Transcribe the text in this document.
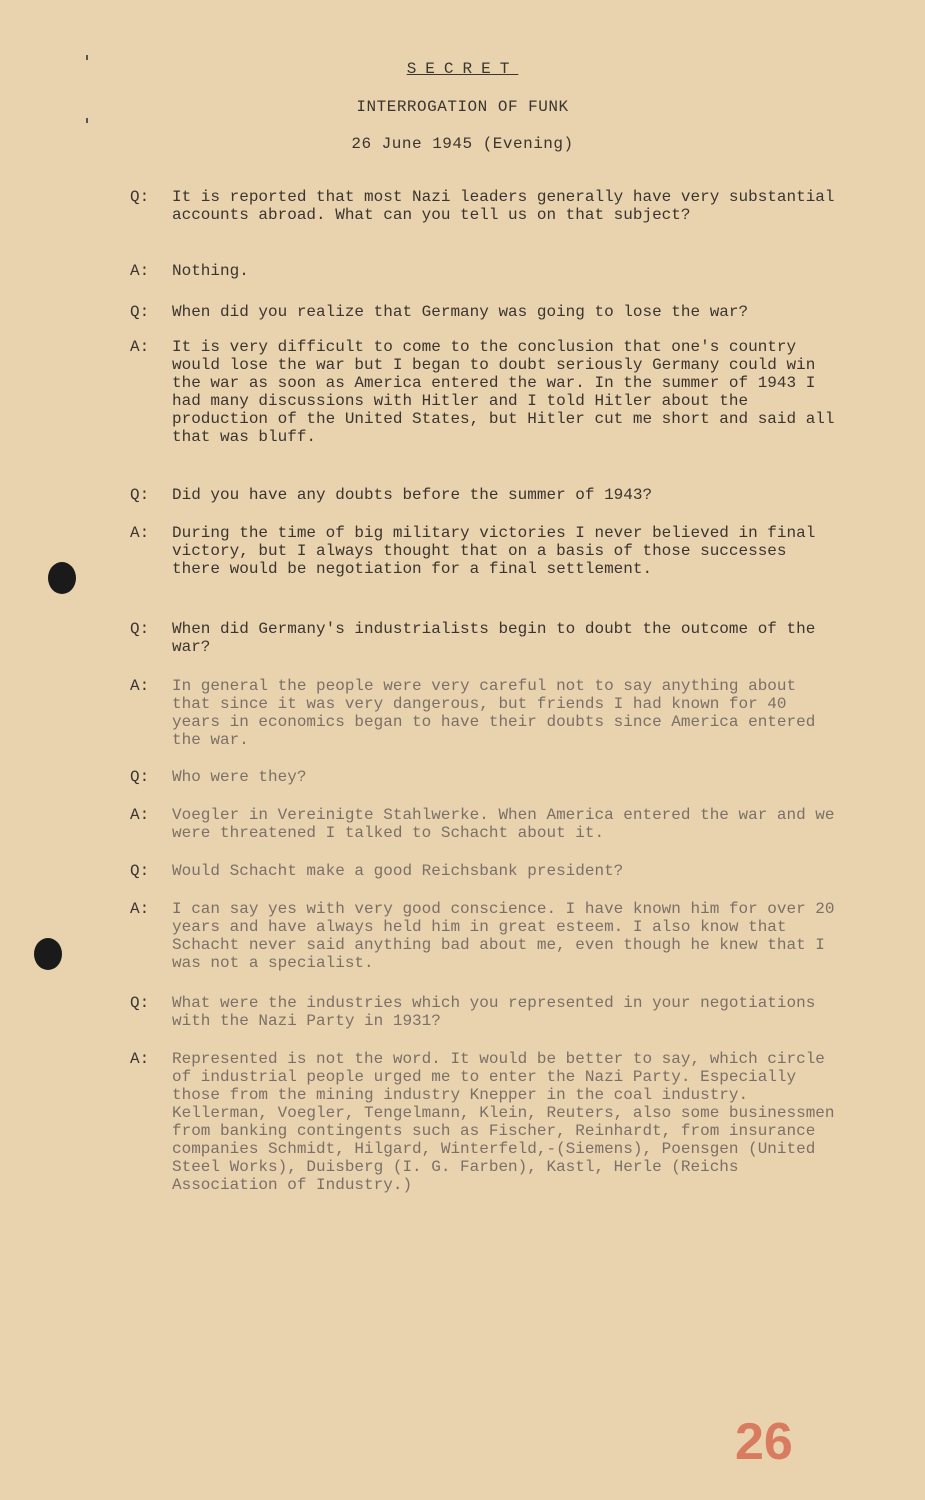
SECRET
INTERROGATION OF FUNK
26 June 1945 (Evening)
Q:	It is reported that most Nazi leaders generally have very substantial accounts abroad. What can you tell us on that subject?
A:	Nothing.
Q:	When did you realize that Germany was going to lose the war?
A:	It is very difficult to come to the conclusion that one's country would lose the war but I began to doubt seriously Germany could win the war as soon as America entered the war. In the summer of 1943 I had many discussions with Hitler and I told Hitler about the production of the United States, but Hitler cut me short and said all that was bluff.
Q:	Did you have any doubts before the summer of 1943?
A:	During the time of big military victories I never believed in final victory, but I always thought that on a basis of those successes there would be negotiation for a final settlement.
Q:	When did Germany's industrialists begin to doubt the outcome of the war?
A:	In general the people were very careful not to say anything about that since it was very dangerous, but friends I had known for 40 years in economics began to have their doubts since America entered the war.
Q:	Who were they?
A:	Voegler in Vereinigte Stahlwerke. When America entered the war and we were threatened I talked to Schacht about it.
Q:	Would Schacht make a good Reichsbank president?
A:	I can say yes with very good conscience. I have known him for over 20 years and have always held him in great esteem. I also know that Schacht never said anything bad about me, even though he knew that I was not a specialist.
Q:	What were the industries which you represented in your negotiations with the Nazi Party in 1931?
A:	Represented is not the word. It would be better to say, which circle of industrial people urged me to enter the Nazi Party. Especially those from the mining industry Knepper in the coal industry. Kellerman, Voegler, Tengelmann, Klein, Reuters, also some businessmen from banking contingents such as Fischer, Reinhardt, from insurance companies Schmidt, Hilgard, Winterfeld,-(Siemens), Poensgen (United Steel Works), Duisberg (I. G. Farben), Kastl, Herle (Reichs Association of Industry.)
26
